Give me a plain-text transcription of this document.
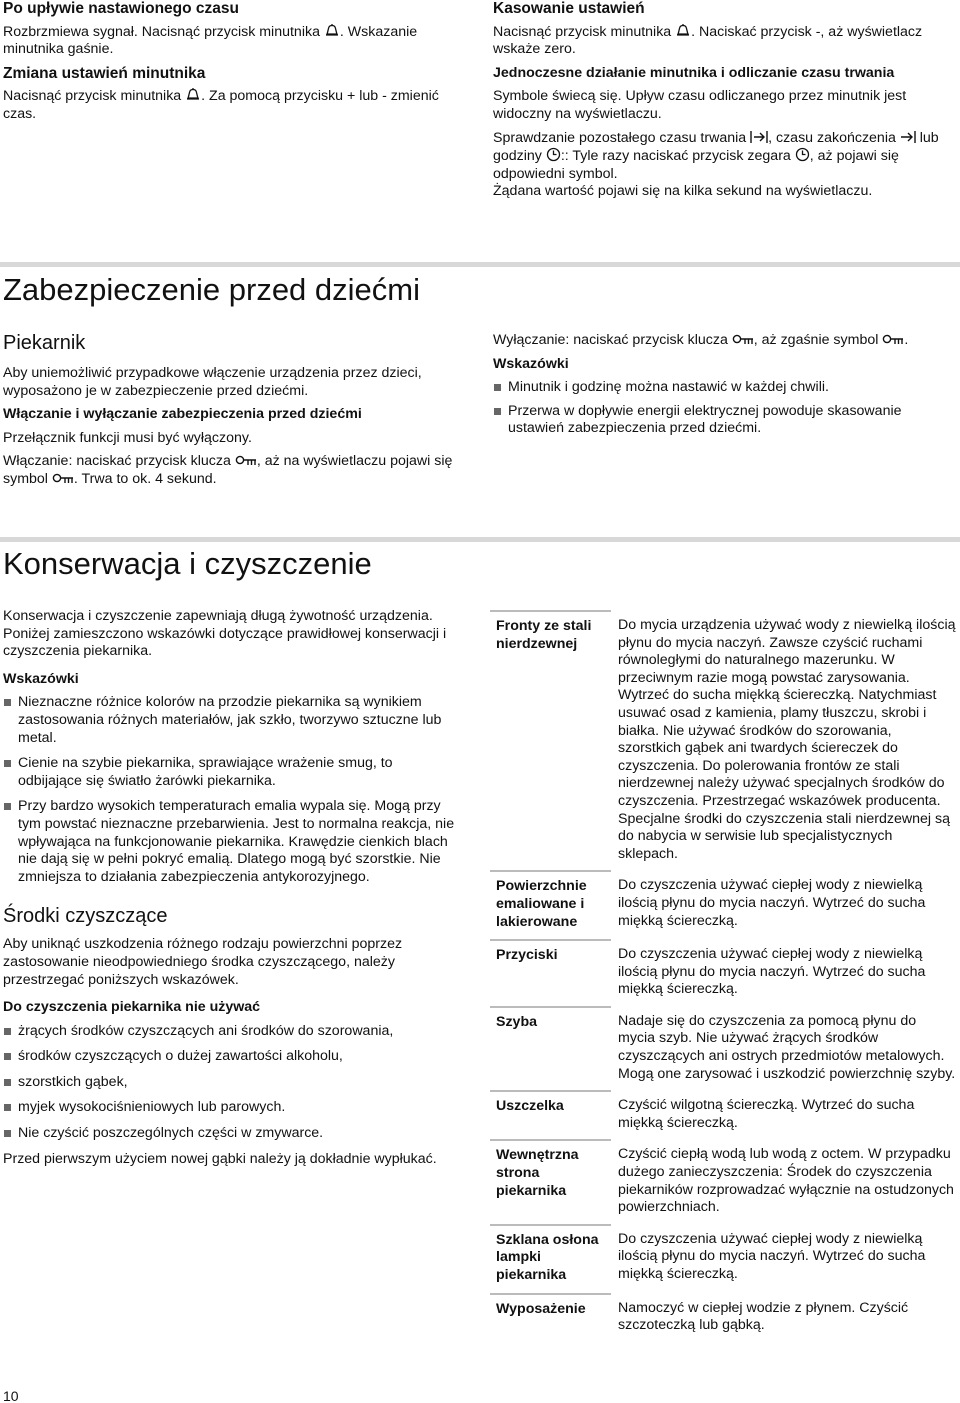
Po upływie nastawionego czasu

Rozbrzmiewa sygnał. Nacisnąć przycisk minutnika . Wskazanie minutnika gaśnie.

Zmiana ustawień minutnika

Nacisnąć przycisk minutnika . Za pomocą przycisku + lub - zmienić czas.

Kasowanie ustawień

Nacisnąć przycisk minutnika . Naciskać przycisk -, aż wyświetlacz wskaże zero.

Jednoczesne działanie minutnika i odliczanie czasu trwania

Symbole świecą się. Upływ czasu odliczanego przez minutnik jest widoczny na wyświetlaczu.

Sprawdzanie pozostałego czasu trwania , czasu zakończenia  lub godziny :: Tyle razy naciskać przycisk zegara , aż pojawi się odpowiedni symbol.

Żądana wartość pojawi się na kilka sekund na wyświetlaczu.

Zabezpieczenie przed dziećmi
Piekarnik

Aby uniemożliwić przypadkowe włączenie urządzenia przez dzieci, wyposażono je w zabezpieczenie przed dziećmi.

Włączanie i wyłączanie zabezpieczenia przed dziećmi

Przełącznik funkcji musi być wyłączony.

Włączanie: naciskać przycisk klucza , aż na wyświetlaczu pojawi się symbol . Trwa to ok. 4 sekund.

Wyłączanie: naciskać przycisk klucza , aż zgaśnie symbol .

Wskazówki
Minutnik i godzinę można nastawić w każdej chwili.
Przerwa w dopływie energii elektrycznej powoduje skasowanie ustawień zabezpieczenia przed dziećmi.
Konserwacja i czyszczenie

Konserwacja i czyszczenie zapewniają długą żywotność urządzenia. Poniżej zamieszczono wskazówki dotyczące prawidłowej konserwacji i czyszczenia piekarnika.

Wskazówki
Nieznaczne różnice kolorów na przodzie piekarnika są wynikiem zastosowania różnych materiałów, jak szkło, tworzywo sztuczne lub metal.
Cienie na szybie piekarnika, sprawiające wrażenie smug, to odbijające się światło żarówki piekarnika.
Przy bardzo wysokich temperaturach emalia wypala się. Mogą przy tym powstać nieznaczne przebarwienia. Jest to normalna reakcja, nie wpływająca na funkcjonowanie piekarnika. Krawędzie cienkich blach nie dają się w pełni pokryć emalią. Dlatego mogą być szorstkie. Nie zmniejsza to działania zabezpieczenia antykorozyjnego.
Środki czyszczące

Aby uniknąć uszkodzenia różnego rodzaju powierzchni poprzez zastosowanie nieodpowiedniego środka czyszczącego, należy przestrzegać poniższych wskazówek.

Do czyszczenia piekarnika nie używać
żrących środków czyszczących ani środków do szorowania,
środków czyszczących o dużej zawartości alkoholu,
szorstkich gąbek,
myjek wysokociśnieniowych lub parowych.
Nie czyścić poszczególnych części w zmywarce.

Przed pierwszym użyciem nowej gąbki należy ją dokładnie wypłukać.

Fronty ze stali nierdzewnej	Do mycia urządzenia używać wody z niewielką ilością płynu do mycia naczyń. Zawsze czyścić ruchami równoległymi do naturalnego mazerunku. W przeciwnym razie mogą powstać zarysowania. Wytrzeć do sucha miękką ściereczką. Natychmiast usuwać osad z kamienia, plamy tłuszczu, skrobi i białka. Nie używać środków do szorowania, szorstkich gąbek ani twardych ściereczek do czyszczenia. Do polerowania frontów ze stali nierdzewnej należy używać specjalnych środków do czyszczenia. Przestrzegać wskazówek producenta. Specjalne środki do czyszczenia stali nierdzewnej są do nabycia w serwisie lub specjalistycznych sklepach.
Powierzchnie emaliowane i lakierowane	Do czyszczenia używać ciepłej wody z niewielką ilością płynu do mycia naczyń. Wytrzeć do sucha miękką ściereczką.
Przyciski	Do czyszczenia używać ciepłej wody z niewielką ilością płynu do mycia naczyń. Wytrzeć do sucha miękką ściereczką.
Szyba	Nadaje się do czyszczenia za pomocą płynu do mycia szyb. Nie używać żrących środków czyszczących ani ostrych przedmiotów metalowych. Mogą one zarysować i uszkodzić powierzchnię szyby.
Uszczelka	Czyścić wilgotną ściereczką. Wytrzeć do sucha miękką ściereczką.
Wewnętrzna strona piekarnika	Czyścić ciepłą wodą lub wodą z octem. W przypadku dużego zanieczyszczenia: Środek do czyszczenia piekarników rozprowadzać wyłącznie na ostudzonych powierzchniach.
Szklana osłona lampki piekarnika	Do czyszczenia używać ciepłej wody z niewielką ilością płynu do mycia naczyń. Wytrzeć do sucha miękką ściereczką.
Wyposażenie	Namoczyć w ciepłej wodzie z płynem. Czyścić szczoteczką lub gąbką.
10
